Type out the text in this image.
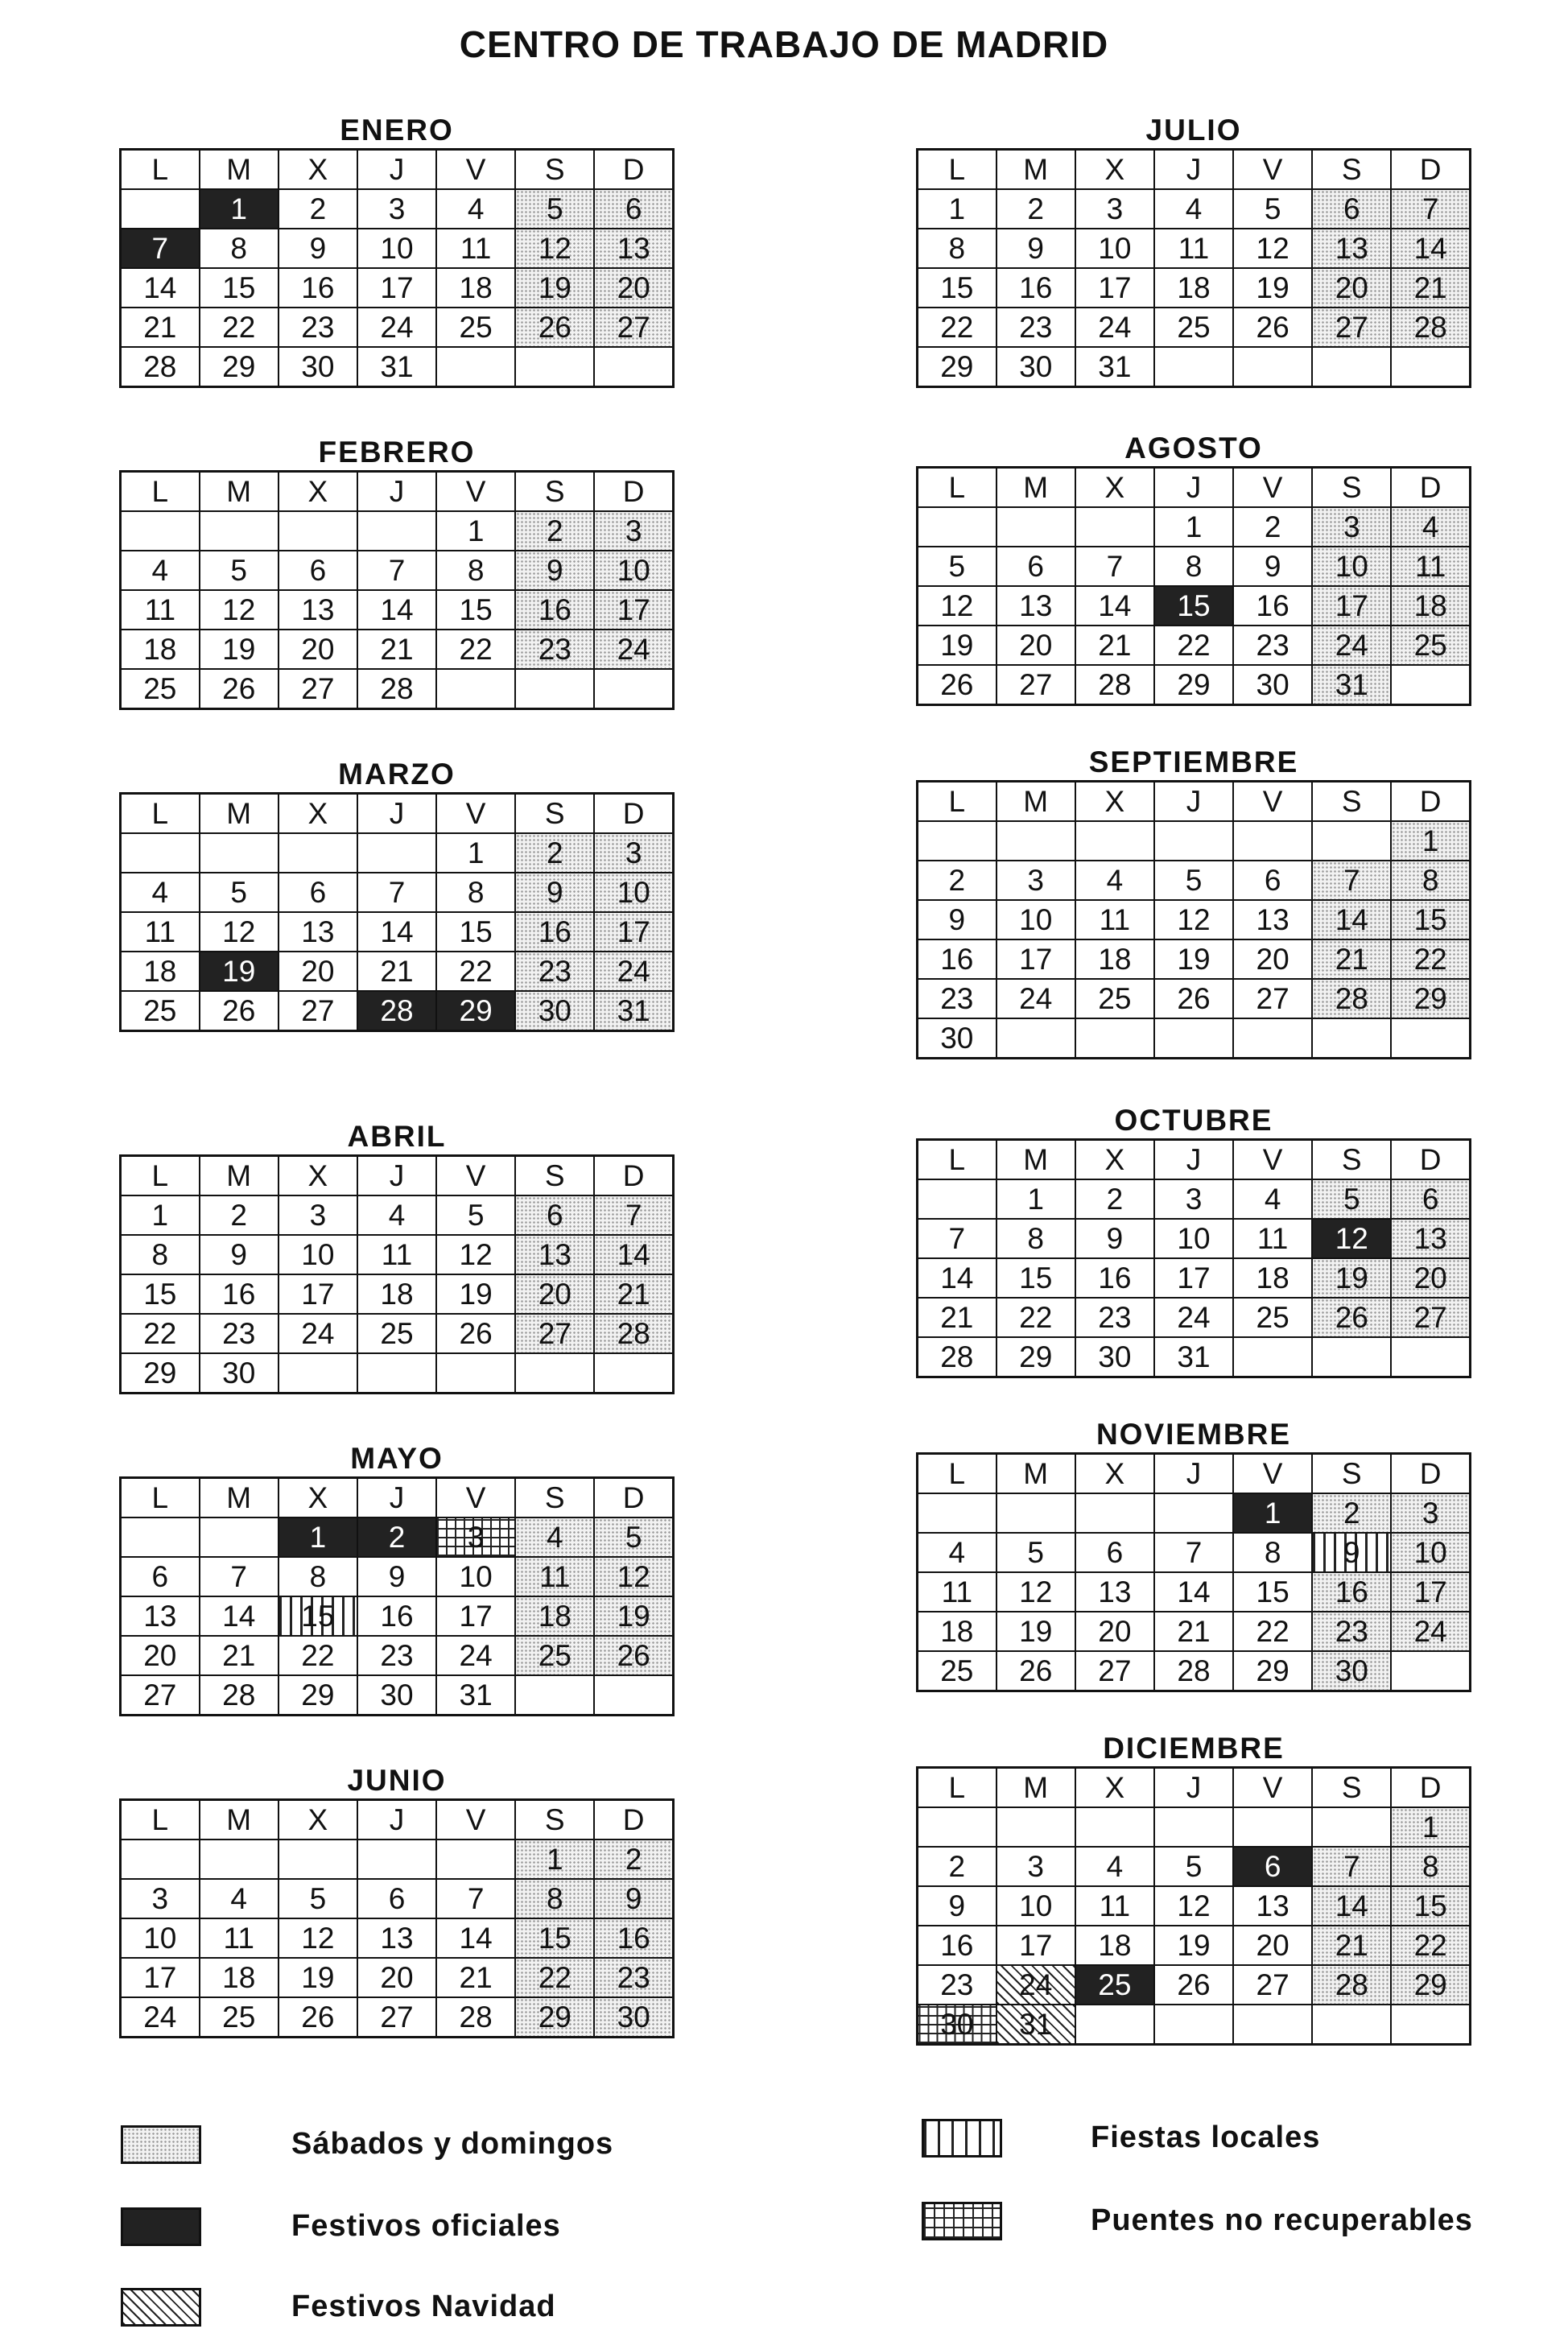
CENTRO DE TRABAJO DE MADRID
ENERO
L	M	X	J	V	S	D
	1	2	3	4	5	6
7	8	9	10	11	12	13
14	15	16	17	18	19	20
21	22	23	24	25	26	27
28	29	30	31			
FEBRERO
L	M	X	J	V	S	D
				1	2	3
4	5	6	7	8	9	10
11	12	13	14	15	16	17
18	19	20	21	22	23	24
25	26	27	28			
MARZO
L	M	X	J	V	S	D
				1	2	3
4	5	6	7	8	9	10
11	12	13	14	15	16	17
18	19	20	21	22	23	24
25	26	27	28	29	30	31
ABRIL
L	M	X	J	V	S	D
1	2	3	4	5	6	7
8	9	10	11	12	13	14
15	16	17	18	19	20	21
22	23	24	25	26	27	28
29	30					
MAYO
L	M	X	J	V	S	D
		1	2	3	4	5
6	7	8	9	10	11	12
13	14	15	16	17	18	19
20	21	22	23	24	25	26
27	28	29	30	31		
JUNIO
L	M	X	J	V	S	D
					1	2
3	4	5	6	7	8	9
10	11	12	13	14	15	16
17	18	19	20	21	22	23
24	25	26	27	28	29	30
JULIO
L	M	X	J	V	S	D
1	2	3	4	5	6	7
8	9	10	11	12	13	14
15	16	17	18	19	20	21
22	23	24	25	26	27	28
29	30	31				
AGOSTO
L	M	X	J	V	S	D
			1	2	3	4
5	6	7	8	9	10	11
12	13	14	15	16	17	18
19	20	21	22	23	24	25
26	27	28	29	30	31	
SEPTIEMBRE
L	M	X	J	V	S	D
						1
2	3	4	5	6	7	8
9	10	11	12	13	14	15
16	17	18	19	20	21	22
23	24	25	26	27	28	29
30						
OCTUBRE
L	M	X	J	V	S	D
	1	2	3	4	5	6
7	8	9	10	11	12	13
14	15	16	17	18	19	20
21	22	23	24	25	26	27
28	29	30	31			
NOVIEMBRE
L	M	X	J	V	S	D
				1	2	3
4	5	6	7	8	9	10
11	12	13	14	15	16	17
18	19	20	21	22	23	24
25	26	27	28	29	30	
DICIEMBRE
L	M	X	J	V	S	D
						1
2	3	4	5	6	7	8
9	10	11	12	13	14	15
16	17	18	19	20	21	22
23	24	25	26	27	28	29
30	31					
Sábados y domingos
Festivos oficiales
Festivos Navidad
Fiestas locales
Puentes no recuperables
